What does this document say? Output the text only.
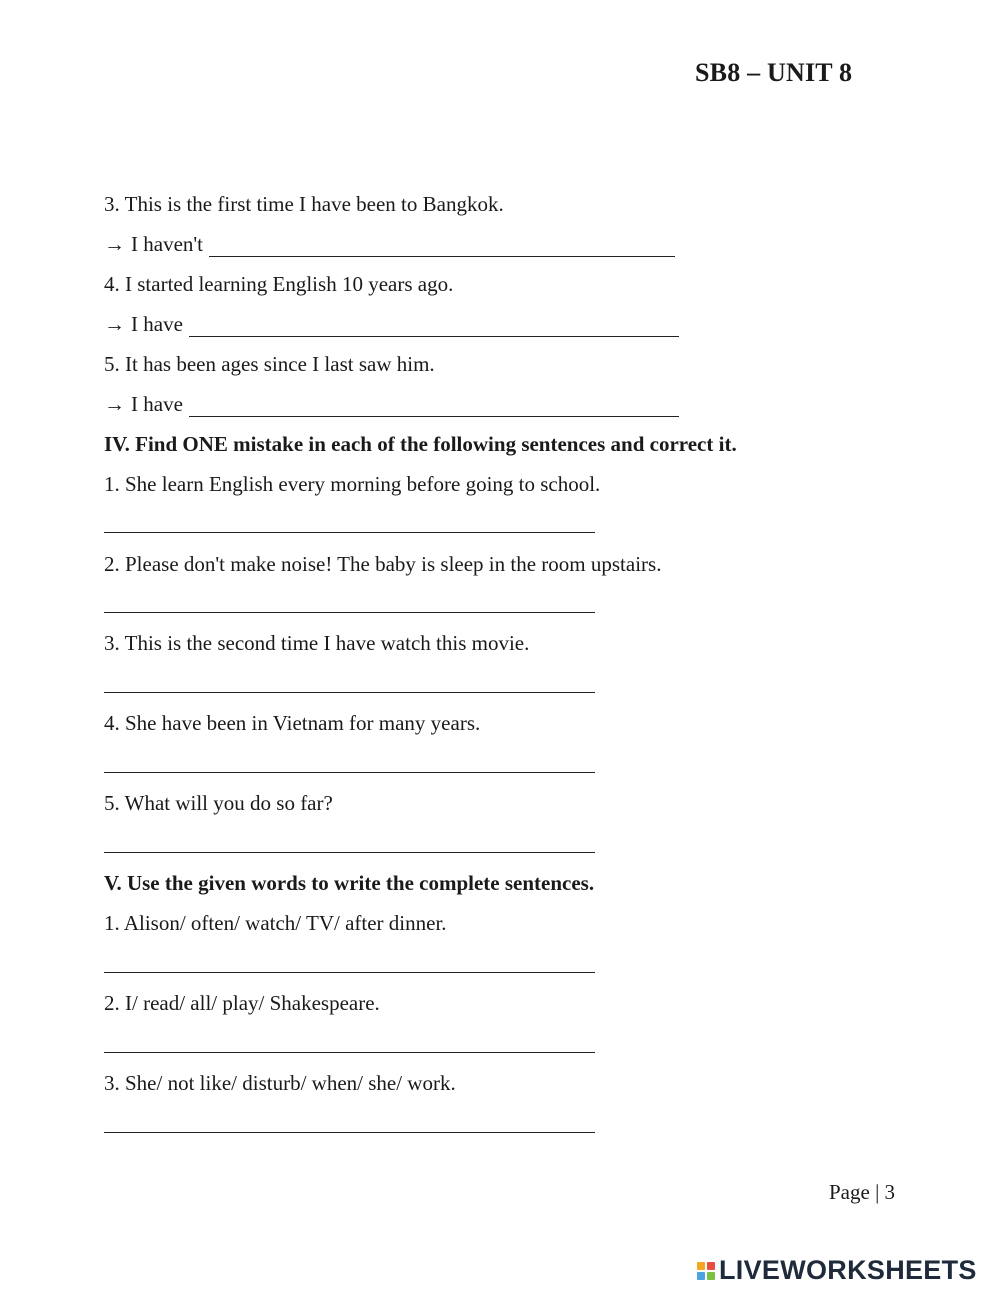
SB8 – UNIT 8
3. This is the first time I have been to Bangkok.
→ I haven't
4. I started learning English 10 years ago.
→ I have
5. It has been ages since I last saw him.
→ I have
IV. Find ONE mistake in each of the following sentences and correct it.
1. She learn English every morning before going to school.
2. Please don't make noise! The baby is sleep in the room upstairs.
3. This is the second time I have watch this movie.
4. She have been in Vietnam for many years.
5. What will you do so far?
V. Use the given words to write the complete sentences.
1. Alison/ often/ watch/ TV/ after dinner.
2. I/ read/ all/ play/ Shakespeare.
3. She/ not like/ disturb/ when/ she/ work.
Page | 3
LIVEWORKSHEETS
